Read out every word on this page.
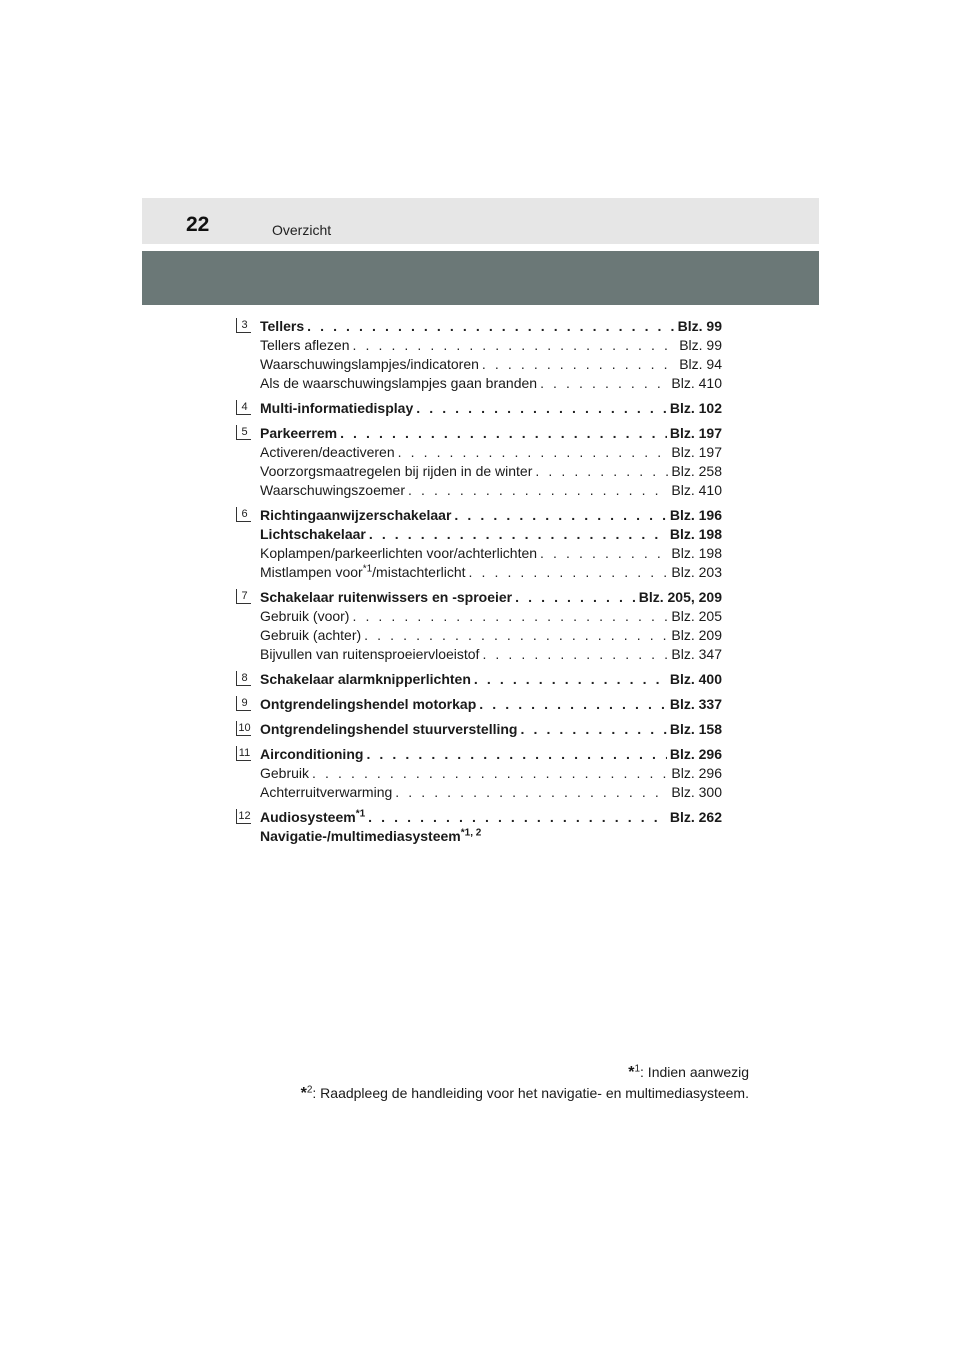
22	Overzicht
3 Tellers . . .	Blz. 99
Tellers aflezen . . .	Blz. 99
Waarschuwingslampjes/indicatoren . . .	Blz. 94
Als de waarschuwingslampjes gaan branden . . .	Blz. 410
4 Multi-informatiedisplay . . .	Blz. 102
5 Parkeerrem . . .	Blz. 197
Activeren/deactiveren . . .	Blz. 197
Voorzorgsmaatregelen bij rijden in de winter . . .	Blz. 258
Waarschuwingszoemer . . .	Blz. 410
6 Richtingaanwijzerschakelaar . . .	Blz. 196
Lichtschakelaar . . .	Blz. 198
Koplampen/parkeerlichten voor/achterlichten . . .	Blz. 198
Mistlampen voor$^{*1}$/mistachterlicht . . .	Blz. 203
7 Schakelaar ruitenwissers en -sproeier . . .	Blz. 205, 209
Gebruik (voor) . . .	Blz. 205
Gebruik (achter) . . .	Blz. 209
Bijvullen van ruitensproeiervloeistof . . .	Blz. 347
8 Schakelaar alarmknipperlichten . . .	Blz. 400
9 Ontgrendelingshendel motorkap . . .	Blz. 337
10 Ontgrendelingshendel stuurverstelling . . .	Blz. 158
11 Airconditioning . . .	Blz. 296
Gebruik . . .	Blz. 296
Achterruitverwarming . . .	Blz. 300
12 Audiosysteem$^{*1}$ . . .	Blz. 262
Navigatie-/multimediasysteem$^{*1, 2}$
*$^1$: Indien aanwezig
*$^2$: Raadpleeg de handleiding voor het navigatie- en multimediasysteem.
